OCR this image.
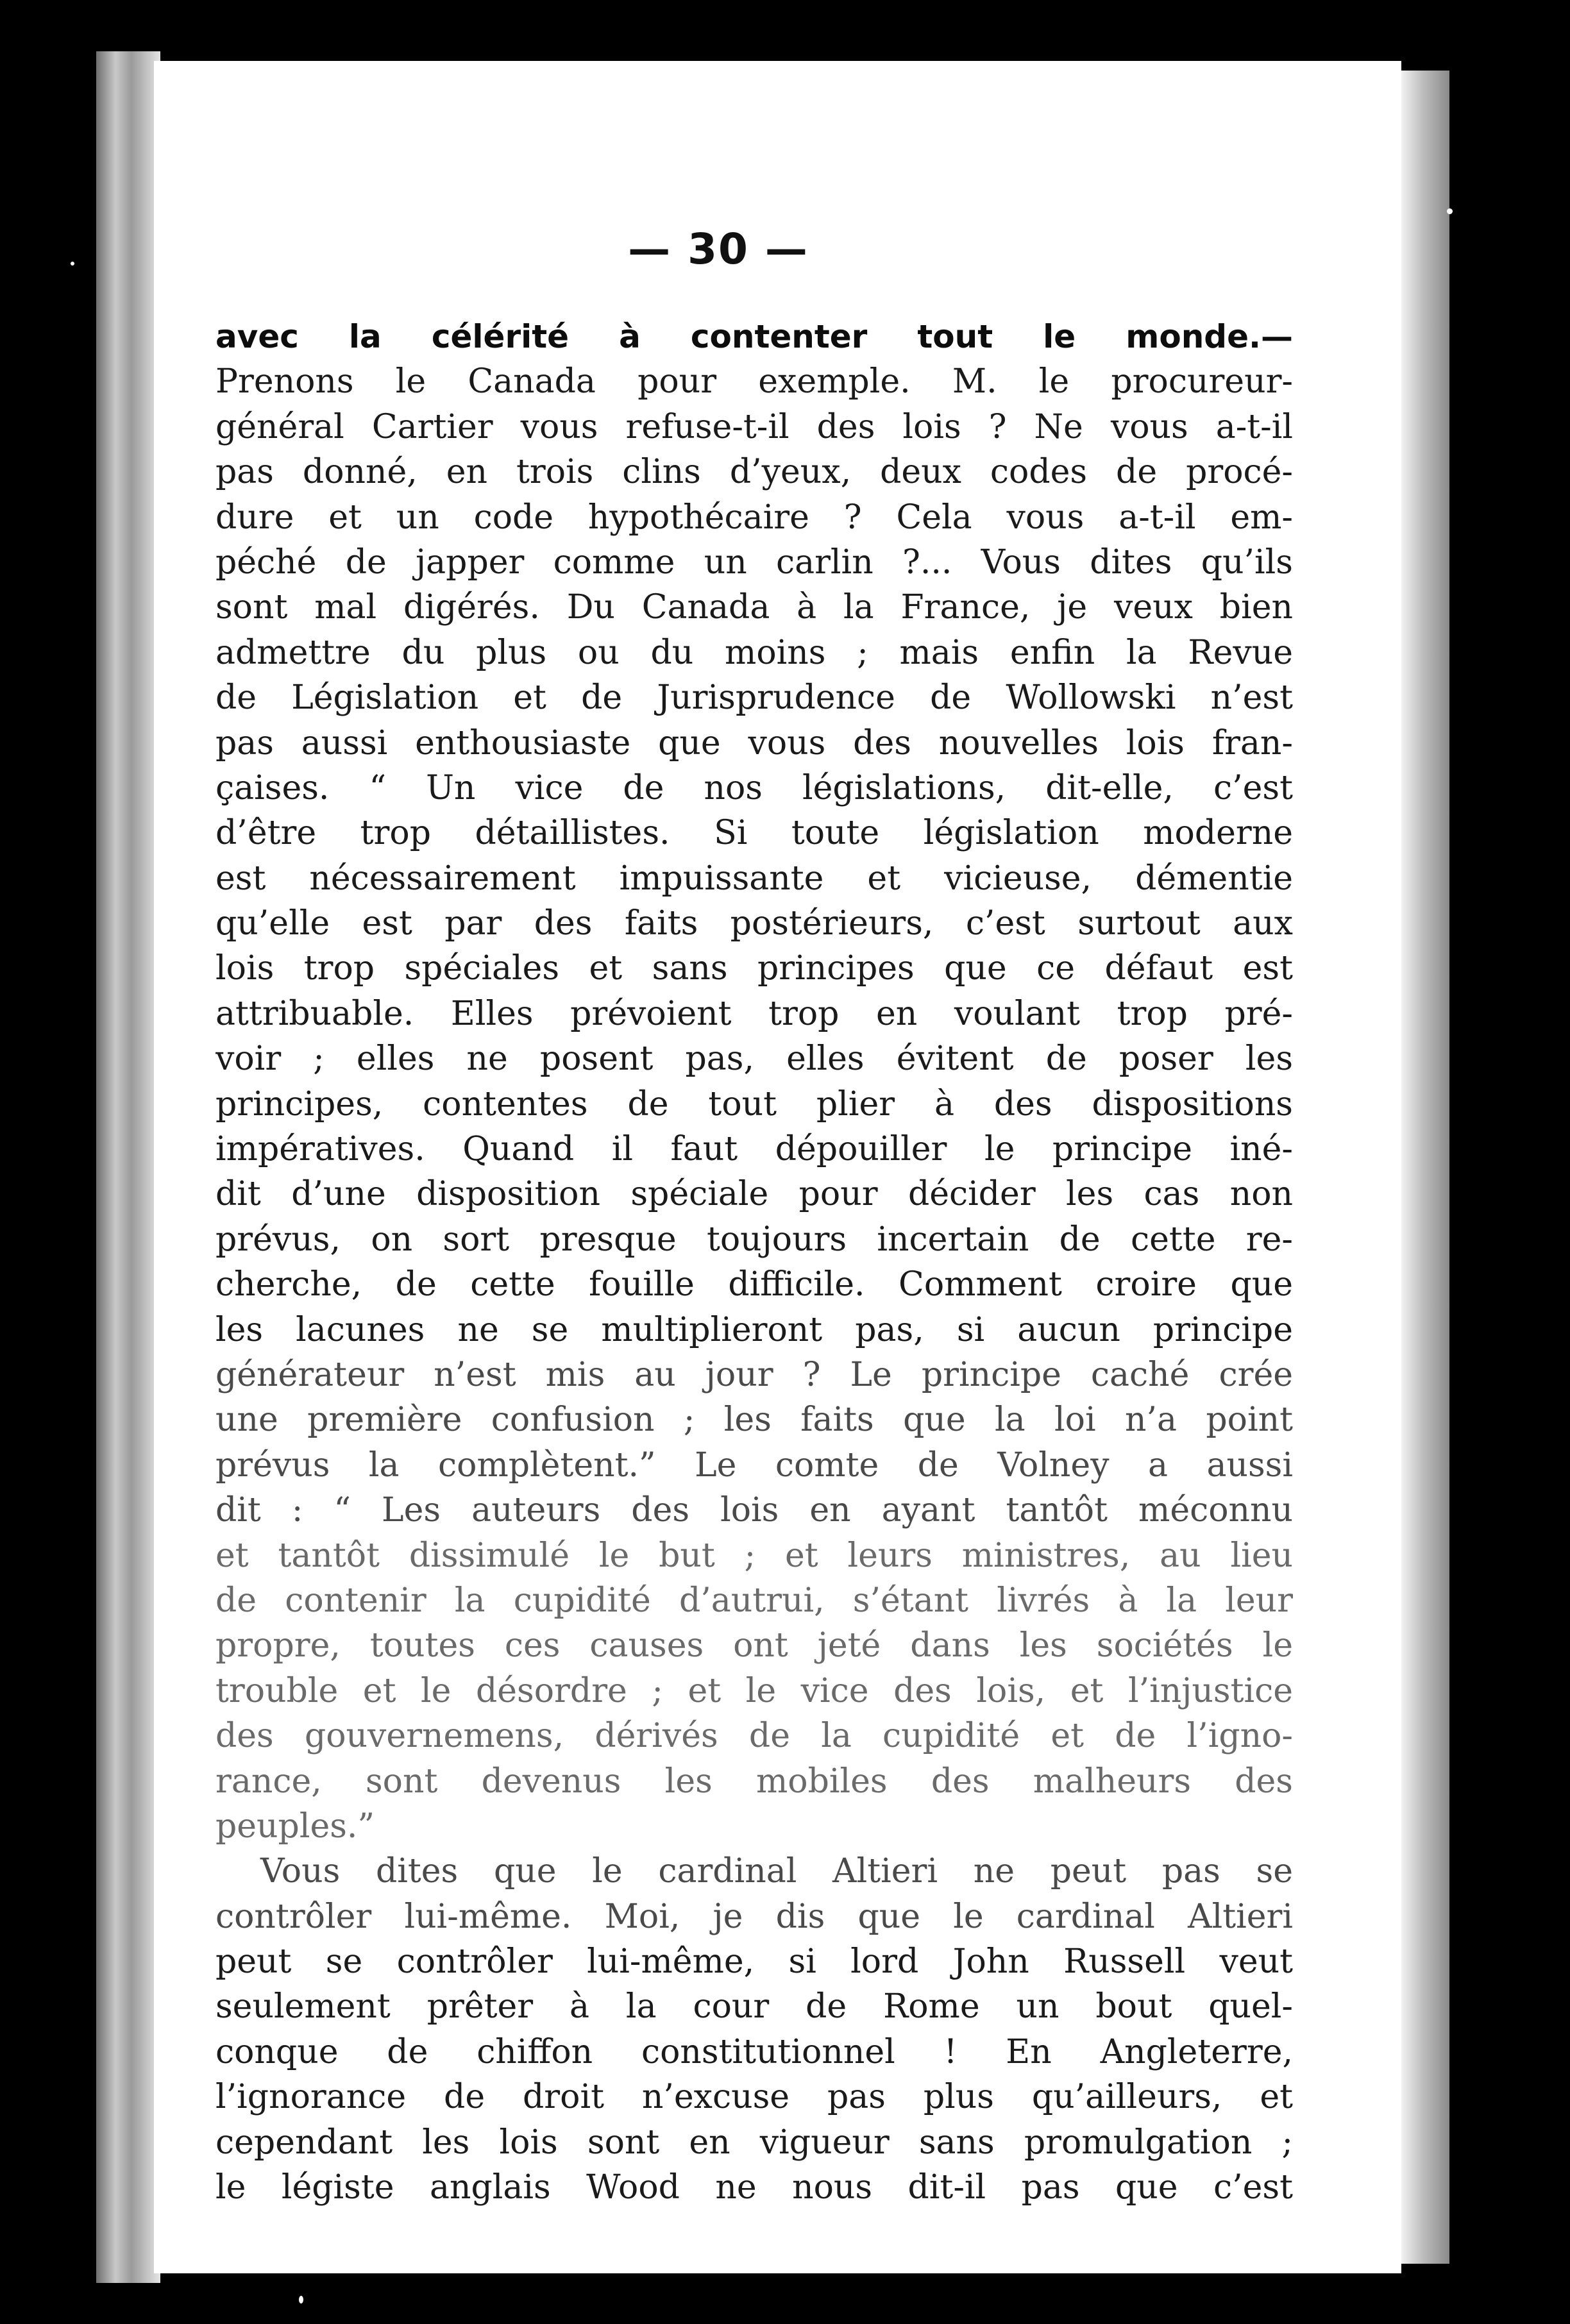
— 30 —
avec la célérité à contenter tout le monde.—
Prenons le Canada pour exemple. M. le procureur-
général Cartier vous refuse-t-il des lois ? Ne vous a-t-il
pas donné, en trois clins d’yeux, deux codes de procé-
dure et un code hypothécaire ? Cela vous a-t-il em-
péché de japper comme un carlin ?... Vous dites qu’ils
sont mal digérés. Du Canada à la France, je veux bien
admettre du plus ou du moins ; mais enfin la Revue
de Législation et de Jurisprudence de Wollowski n’est
pas aussi enthousiaste que vous des nouvelles lois fran-
çaises. “ Un vice de nos législations, dit-elle, c’est
d’être trop détaillistes. Si toute législation moderne
est nécessairement impuissante et vicieuse, démentie
qu’elle est par des faits postérieurs, c’est surtout aux
lois trop spéciales et sans principes que ce défaut est
attribuable. Elles prévoient trop en voulant trop pré-
voir ; elles ne posent pas, elles évitent de poser les
principes, contentes de tout plier à des dispositions
impératives. Quand il faut dépouiller le principe iné-
dit d’une disposition spéciale pour décider les cas non
prévus, on sort presque toujours incertain de cette re-
cherche, de cette fouille difficile. Comment croire que
les lacunes ne se multiplieront pas, si aucun principe
générateur n’est mis au jour ? Le principe caché crée
une première confusion ; les faits que la loi n’a point
prévus la complètent.” Le comte de Volney a aussi
dit : “ Les auteurs des lois en ayant tantôt méconnu
et tantôt dissimulé le but ; et leurs ministres, au lieu
de contenir la cupidité d’autrui, s’étant livrés à la leur
propre, toutes ces causes ont jeté dans les sociétés le
trouble et le désordre ; et le vice des lois, et l’injustice
des gouvernemens, dérivés de la cupidité et de l’igno-
rance, sont devenus les mobiles des malheurs des
peuples.”
Vous dites que le cardinal Altieri ne peut pas se
contrôler lui-même. Moi, je dis que le cardinal Altieri
peut se contrôler lui-même, si lord John Russell veut
seulement prêter à la cour de Rome un bout quel-
conque de chiffon constitutionnel ! En Angleterre,
l’ignorance de droit n’excuse pas plus qu’ailleurs, et
cependant les lois sont en vigueur sans promulgation ;
le légiste anglais Wood ne nous dit-il pas que c’est
